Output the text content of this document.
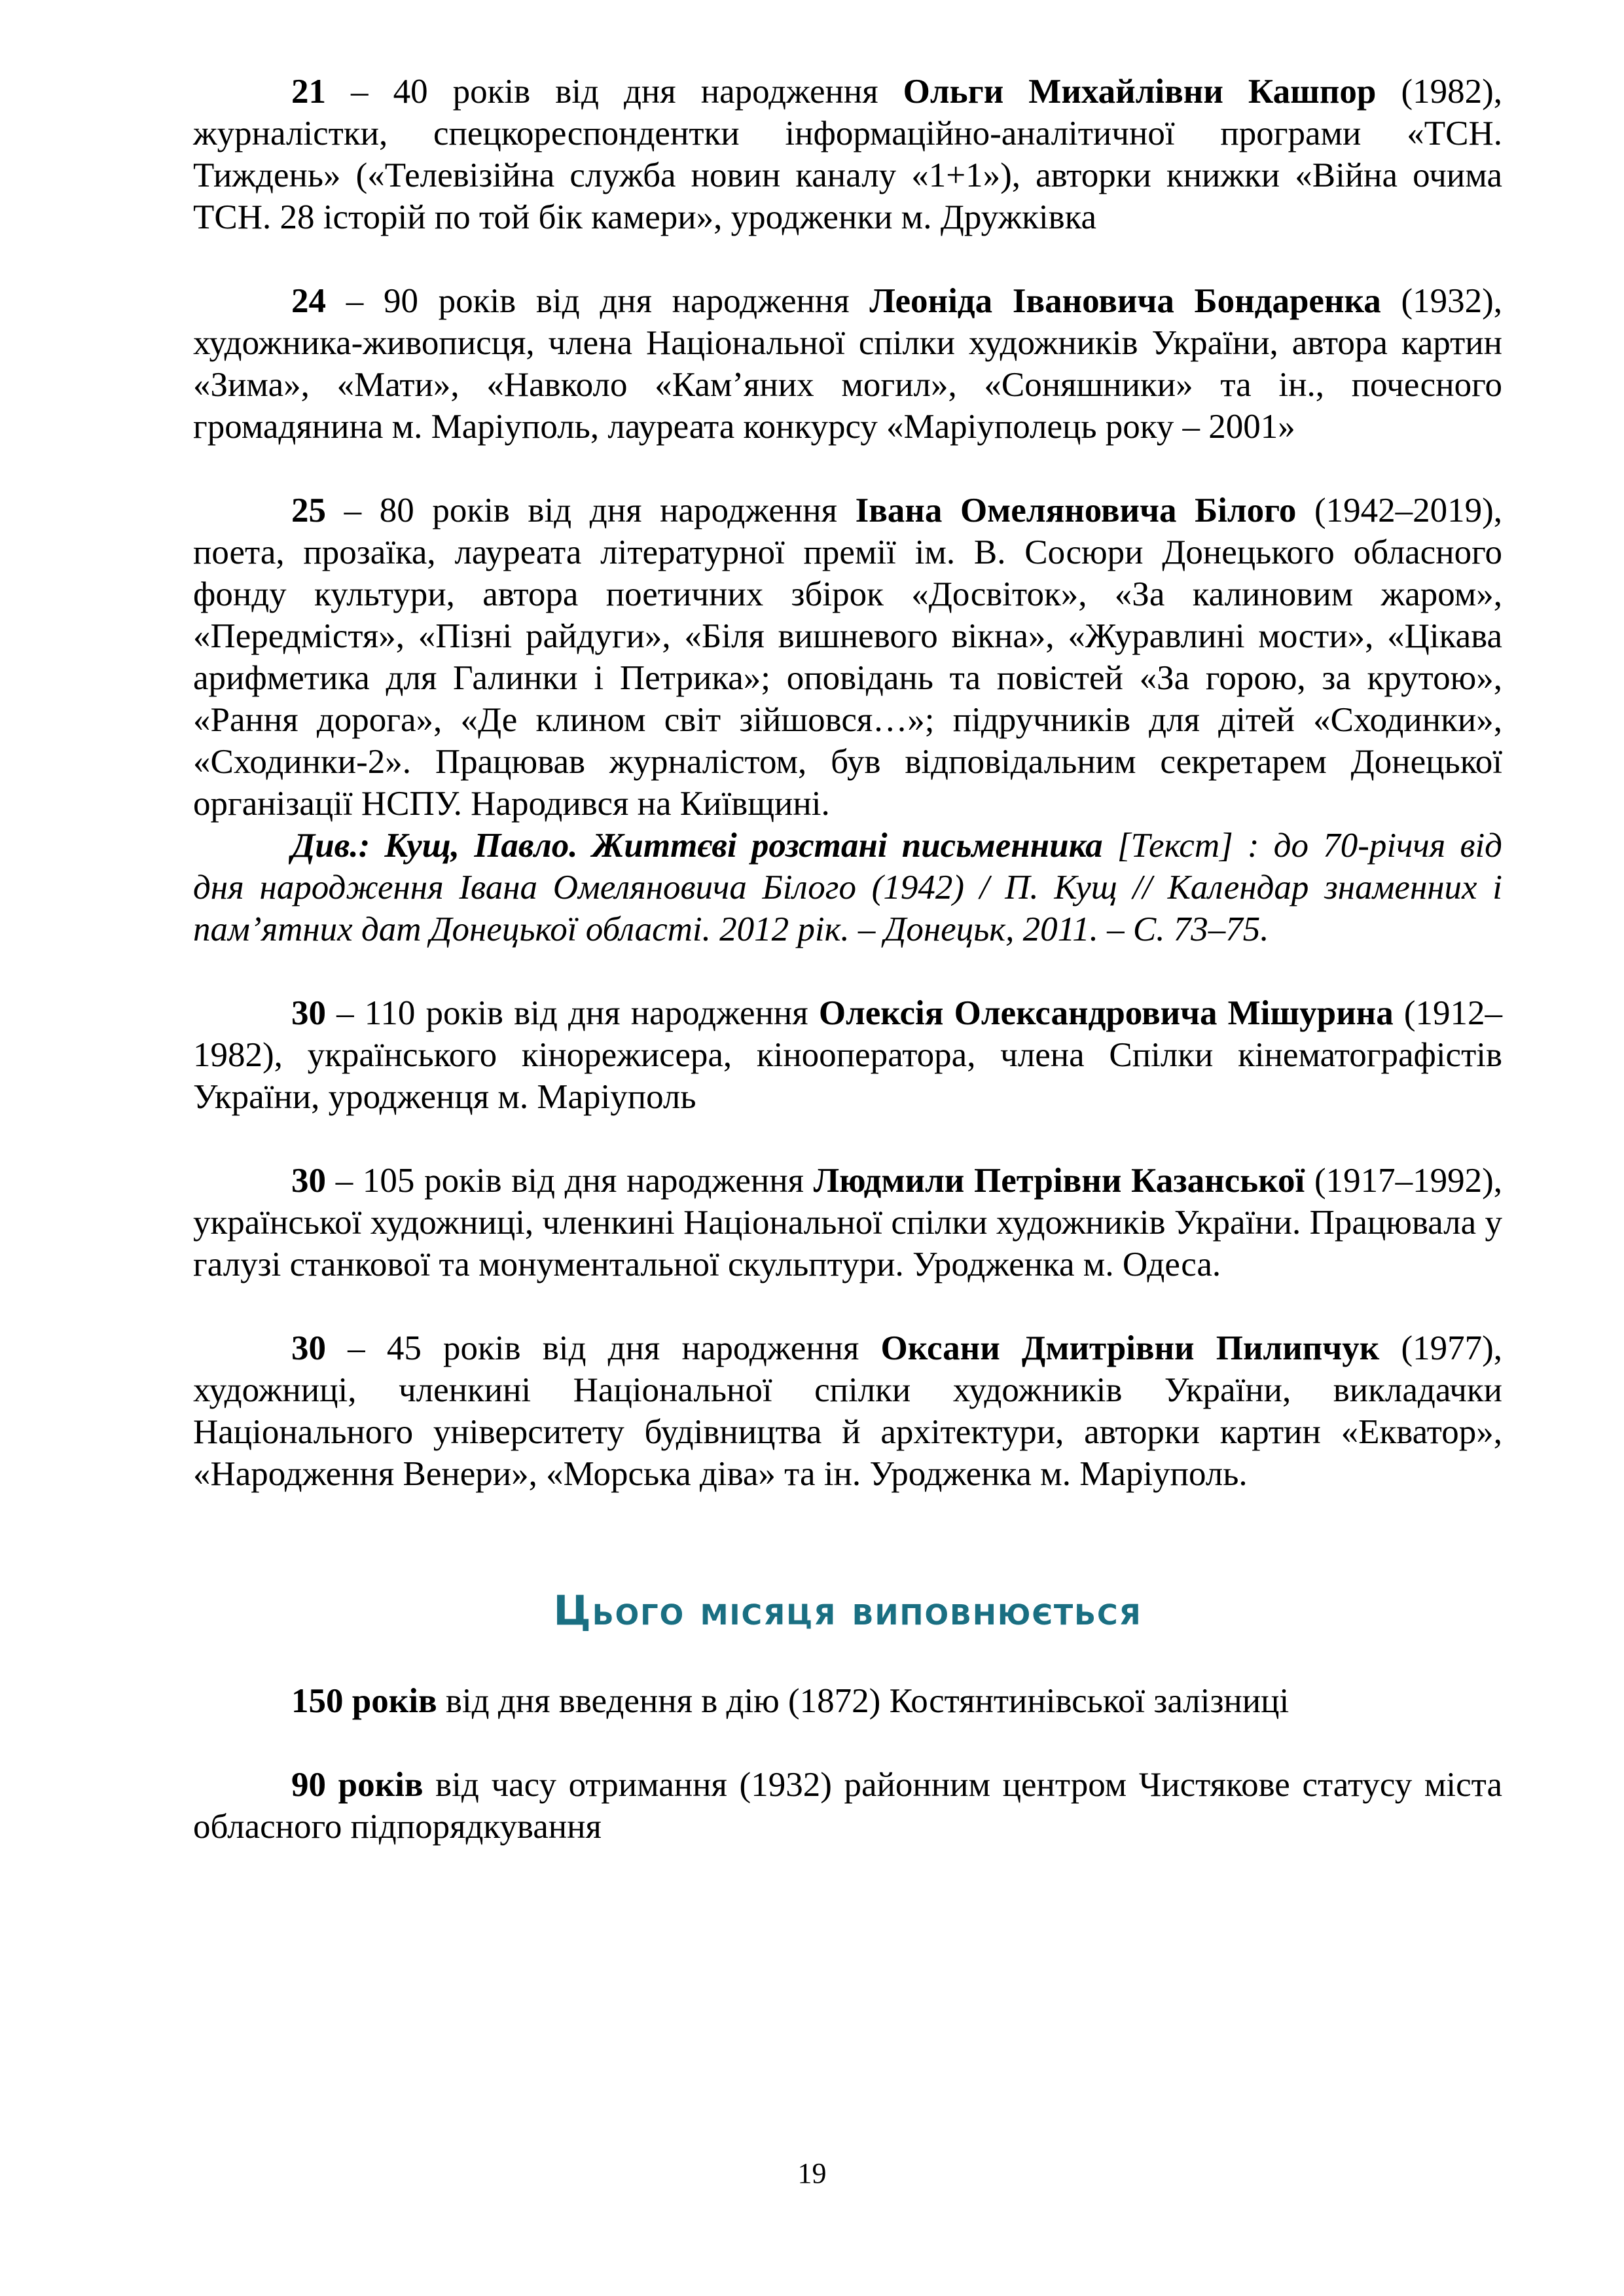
21 – 40 років від дня народження Ольги Михайлівни Кашпор (1982), журналістки, спецкореспондентки інформаційно-аналітичної програми «ТСН. Тиждень» («Телевізійна служба новин каналу «1+1»), авторки книжки «Війна очима ТСН. 28 історій по той бік камери», уродженки м. Дружківка

24 – 90 років від дня народження Леоніда Івановича Бондаренка (1932), художника-живописця, члена Національної спілки художників України, автора картин «Зима», «Мати», «Навколо «Кам’яних могил», «Соняшники» та ін., почесного громадянина м. Маріуполь, лауреата конкурсу «Маріуполець року – 2001»

25 – 80 років від дня народження Івана Омеляновича Білого (1942–2019), поета, прозаїка, лауреата літературної премії ім. В. Сосюри Донецького обласного фонду культури, автора поетичних збірок «Досвіток», «За калиновим жаром», «Передмістя», «Пізні райдуги», «Біля вишневого вікна», «Журавлині мости», «Цікава арифметика для Галинки і Петрика»; оповідань та повістей «За горою, за крутою», «Рання дорога», «Де клином світ зійшовся…»; підручників для дітей «Сходинки», «Сходинки-2». Працював журналістом, був відповідальним секретарем Донецької організації НСПУ. Народився на Київщині.

Див.: Кущ, Павло. Життєві розстані письменника [Текст] : до 70-річчя від дня народження Івана Омеляновича Білого (1942) / П. Кущ // Календар знаменних і пам’ятних дат Донецької області. 2012 рік. – Донецьк, 2011. – С. 73–75.

30 – 110 років від дня народження Олексія Олександровича Мішурина (1912–1982), українського кінорежисера, кінооператора, члена Спілки кінематографістів України, уродженця м. Маріуполь

30 – 105 років від дня народження Людмили Петрівни Казанської (1917–1992), української художниці, членкині Національної спілки художників України. Працювала у галузі станкової та монументальної скульптури. Уродженка м. Одеса.

30 – 45 років від дня народження Оксани Дмитрівни Пилипчук (1977), художниці, членкині Національної спілки художників України, викладачки Національного університету будівництва й архітектури, авторки картин «Екватор», «Народження Венери», «Морська діва» та ін. Уродженка м. Маріуполь.

Цього місяця виповнюється

150 років від дня введення в дію (1872) Костянтинівської залізниці

90 років від часу отримання (1932) районним центром Чистякове статусу міста обласного підпорядкування

19
